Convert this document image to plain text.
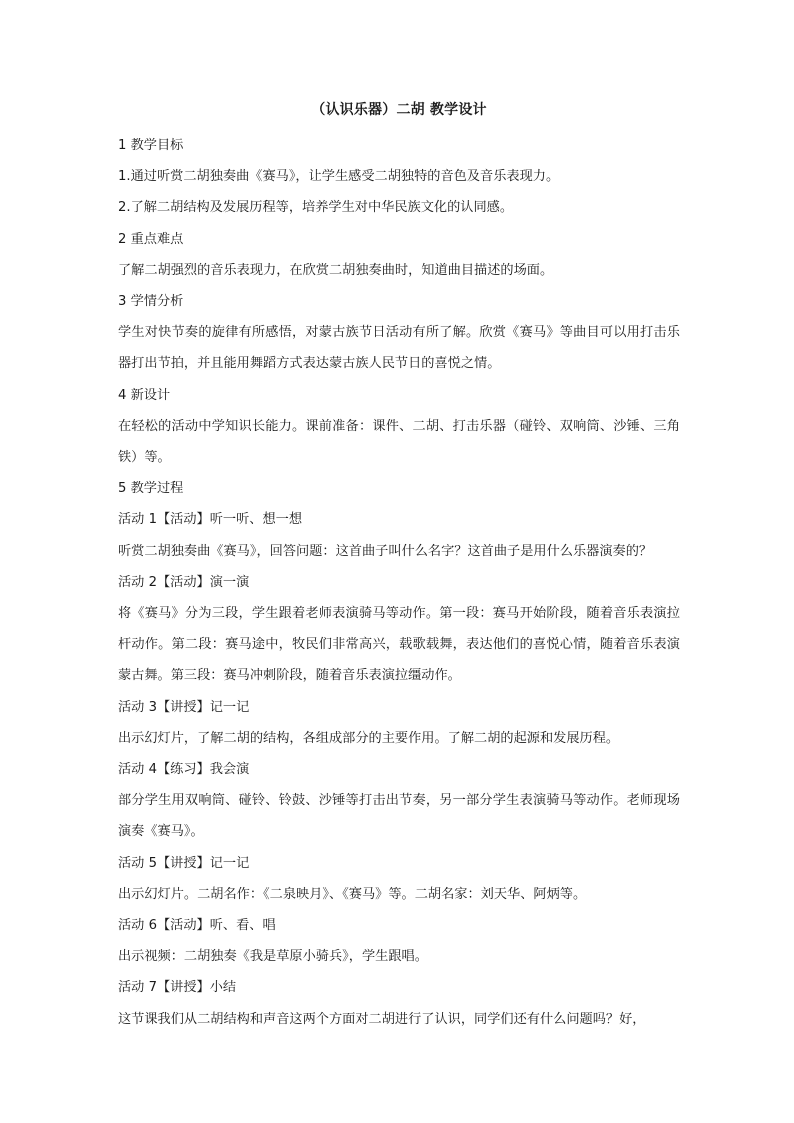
（认识乐器）二胡 教学设计

1 教学目标

1.通过听赏二胡独奏曲《赛马》，让学生感受二胡独特的音色及音乐表现力。

2.了解二胡结构及发展历程等，培养学生对中华民族文化的认同感。

2 重点难点

了解二胡强烈的音乐表现力，在欣赏二胡独奏曲时，知道曲目描述的场面。

3 学情分析

学生对快节奏的旋律有所感悟，对蒙古族节日活动有所了解。欣赏《赛马》等曲目可以用打击乐器打出节拍，并且能用舞蹈方式表达蒙古族人民节日的喜悦之情。

4 新设计

在轻松的活动中学知识长能力。课前准备：课件、二胡、打击乐器（碰铃、双响筒、沙锤、三角铁）等。

5 教学过程

活动 1【活动】听一听、想一想

听赏二胡独奏曲《赛马》，回答问题：这首曲子叫什么名字？这首曲子是用什么乐器演奏的？

活动 2【活动】演一演

将《赛马》分为三段，学生跟着老师表演骑马等动作。第一段：赛马开始阶段，随着音乐表演拉杆动作。第二段：赛马途中，牧民们非常高兴，载歌载舞，表达他们的喜悦心情，随着音乐表演蒙古舞。第三段：赛马冲刺阶段，随着音乐表演拉缰动作。

活动 3【讲授】记一记

出示幻灯片，了解二胡的结构，各组成部分的主要作用。了解二胡的起源和发展历程。

活动 4【练习】我会演

部分学生用双响筒、碰铃、铃鼓、沙锤等打击出节奏，另一部分学生表演骑马等动作。老师现场演奏《赛马》。

活动 5【讲授】记一记

出示幻灯片。二胡名作：《二泉映月》、《赛马》等。二胡名家：刘天华、阿炳等。

活动 6【活动】听、看、唱

出示视频：二胡独奏《我是草原小骑兵》，学生跟唱。

活动 7【讲授】小结

这节课我们从二胡结构和声音这两个方面对二胡进行了认识，同学们还有什么问题吗？好，
